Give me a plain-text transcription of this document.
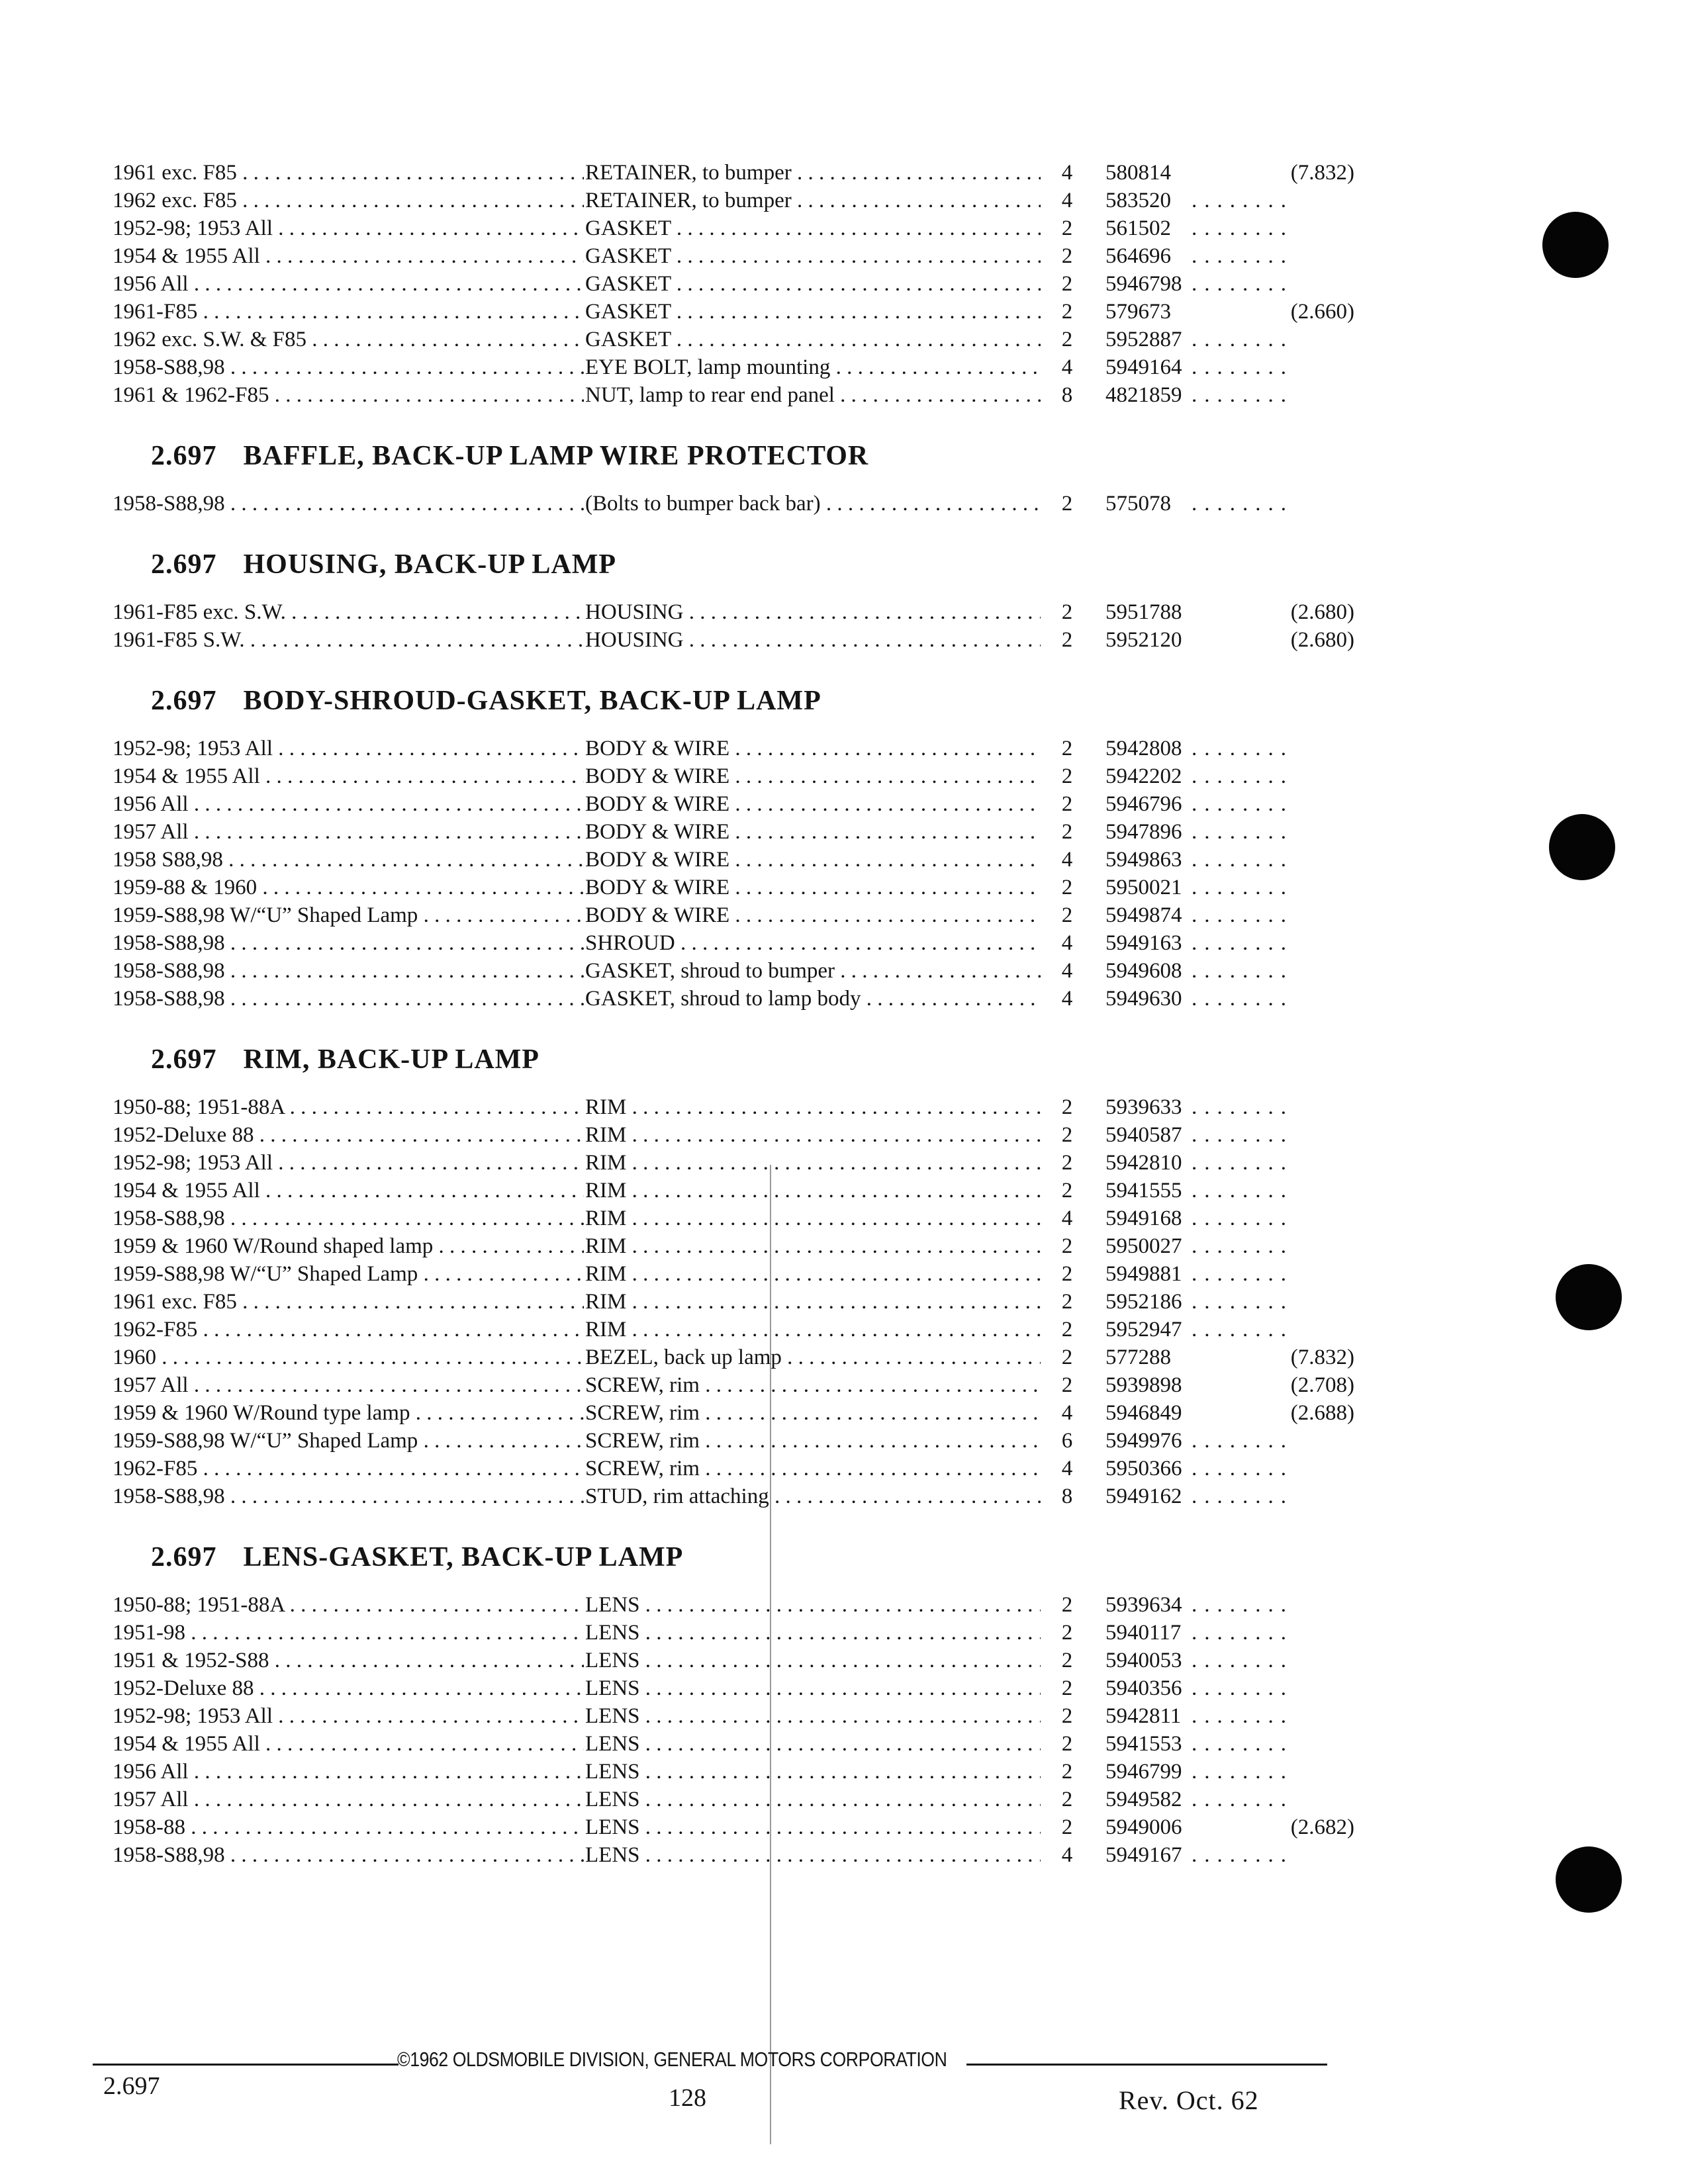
1961 exc. F85 . . .	RETAINER, to bumper . . .	4	580814	(7.832)
1962 exc. F85 . . .	RETAINER, to bumper . . .	4	583520 ........
1952-98; 1953 All . . .	GASKET . . .	2	561502 ........
1954 & 1955 All . . .	GASKET . . .	2	564696 ........
1956 All . . .	GASKET . . .	2	5946798 ........
1961-F85 . . .	GASKET . . .	2	579673	(2.660)
1962 exc. S.W. & F85 . . .	GASKET . . .	2	5952887 ........
1958-S88,98 . . .	EYE BOLT, lamp mounting . . .	4	5949164 ........
1961 & 1962-F85 . . .	NUT, lamp to rear end panel . . .	8	4821859 ........
2.697 BAFFLE, BACK-UP LAMP WIRE PROTECTOR
1958-S88,98 . . .	(Bolts to bumper back bar) . . .	2	575078 ........
2.697 HOUSING, BACK-UP LAMP
1961-F85 exc. S.W. . . .	HOUSING . . .	2	5951788	(2.680)
1961-F85 S.W. . . .	HOUSING . . .	2	5952120	(2.680)
2.697 BODY-SHROUD-GASKET, BACK-UP LAMP
1952-98; 1953 All . . .	BODY & WIRE . . .	2	5942808 ........
1954 & 1955 All . . .	BODY & WIRE . . .	2	5942202 ........
1956 All . . .	BODY & WIRE . . .	2	5946796 ........
1957 All . . .	BODY & WIRE . . .	2	5947896 ........
1958 S88,98 . . .	BODY & WIRE . . .	4	5949863 ........
1959-88 & 1960 . . .	BODY & WIRE . . .	2	5950021 ........
1959-S88,98 W/“U” Shaped Lamp . . .	BODY & WIRE . . .	2	5949874 ........
1958-S88,98 . . .	SHROUD . . .	4	5949163 ........
1958-S88,98 . . .	GASKET, shroud to bumper . . .	4	5949608 ........
1958-S88,98 . . .	GASKET, shroud to lamp body . . .	4	5949630 ........
2.697 RIM, BACK-UP LAMP
1950-88; 1951-88A . . .	RIM . . .	2	5939633 ........
1952-Deluxe 88 . . .	RIM . . .	2	5940587 ........
1952-98; 1953 All . . .	RIM . . .	2	5942810 ........
1954 & 1955 All . . .	RIM . . .	2	5941555 ........
1958-S88,98 . . .	RIM . . .	4	5949168 ........
1959 & 1960 W/Round shaped lamp . . .	RIM . . .	2	5950027 ........
1959-S88,98 W/“U” Shaped Lamp . . .	RIM . . .	2	5949881 ........
1961 exc. F85 . . .	RIM . . .	2	5952186 ........
1962-F85 . . .	RIM . . .	2	5952947 ........
1960 . . .	BEZEL, back up lamp . . .	2	577288	(7.832)
1957 All . . .	SCREW, rim . . .	2	5939898	(2.708)
1959 & 1960 W/Round type lamp . . .	SCREW, rim . . .	4	5946849	(2.688)
1959-S88,98 W/“U” Shaped Lamp . . .	SCREW, rim . . .	6	5949976 ........
1962-F85 . . .	SCREW, rim . . .	4	5950366 ........
1958-S88,98 . . .	STUD, rim attaching . . .	8	5949162 ........
2.697 LENS-GASKET, BACK-UP LAMP
1950-88; 1951-88A . . .	LENS . . .	2	5939634 ........
1951-98 . . .	LENS . . .	2	5940117 ........
1951 & 1952-S88 . . .	LENS . . .	2	5940053 ........
1952-Deluxe 88 . . .	LENS . . .	2	5940356 ........
1952-98; 1953 All . . .	LENS . . .	2	5942811 ........
1954 & 1955 All . . .	LENS . . .	2	5941553 ........
1956 All . . .	LENS . . .	2	5946799 ........
1957 All . . .	LENS . . .	2	5949582 ........
1958-88 . . .	LENS . . .	2	5949006	(2.682)
1958-S88,98 . . .	LENS . . .	4	5949167 ........
©1962 OLDSMOBILE DIVISION, GENERAL MOTORS CORPORATION
2.697	128	Rev. Oct. 62
